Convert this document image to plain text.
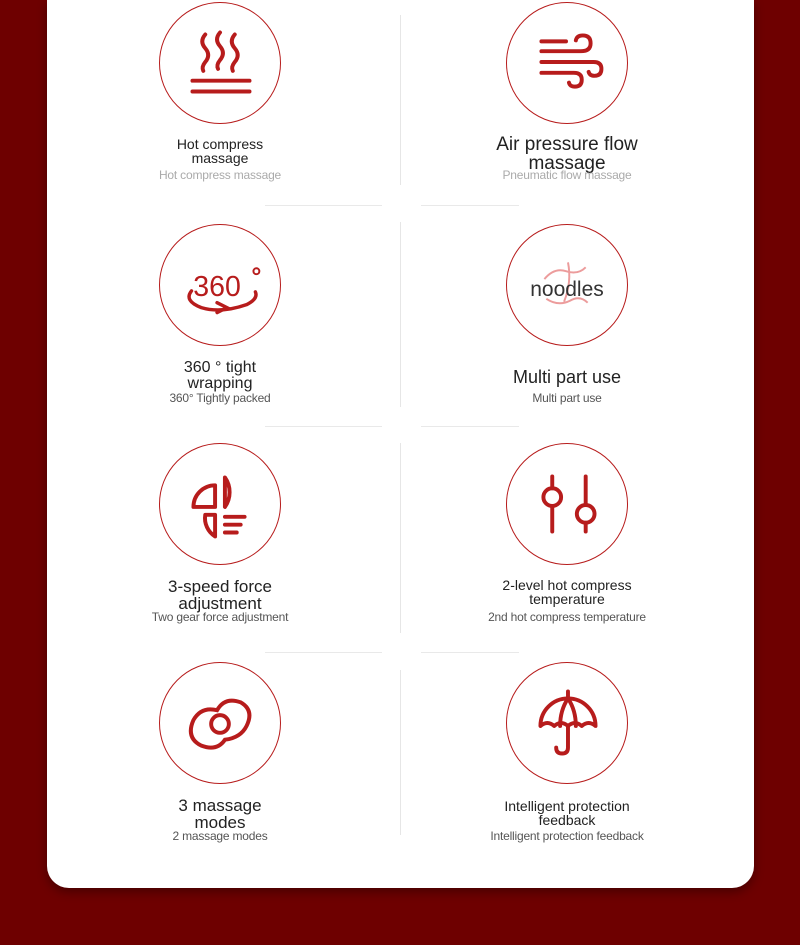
Hot compress massage
Hot compress massage
Air pressure flow massage
Pneumatic flow massage
360
360 ° tight wrapping
360° Tightly packed
noodles
Multi part use
Multi part use
3-speed force adjustment
Two gear force adjustment
2-level hot compress temperature
2nd hot compress temperature
3 massage modes
2 massage modes
Intelligent protection feedback
Intelligent protection feedback
